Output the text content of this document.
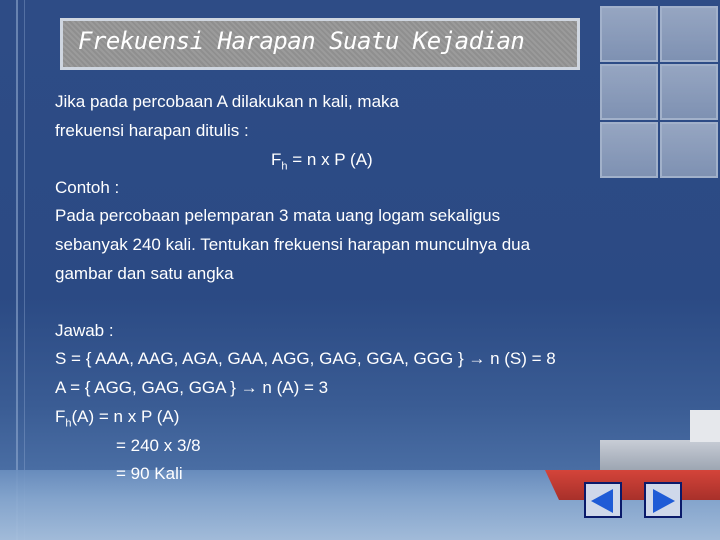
Frekuensi Harapan Suatu Kejadian
Jika pada percobaan A dilakukan n kali, maka
frekuensi harapan ditulis :
$F_h = n$ x P (A)
Contoh :
Pada percobaan pelemparan 3 mata uang logam sekaligus
sebanyak 240 kali. Tentukan frekuensi harapan munculnya dua
gambar dan satu angka
Jawab :
S = { AAA, AAG, AGA, GAA, AGG, GAG, GGA, GGG } → n (S) = 8
A = { AGG, GAG, GGA } → n (A) = 3
$F_h(A) = n$ x P (A)
= 240 x 3/8
= 90 Kali
